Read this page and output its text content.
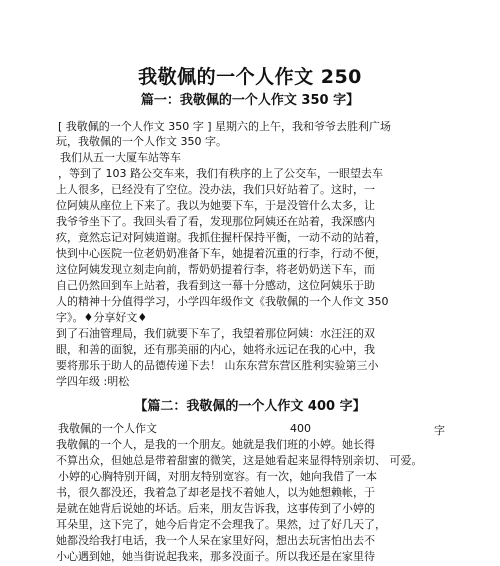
我敬佩的一个人作文 250
篇一：我敬佩的一个人作文 350 字】
[ 我敬佩的一个人作文 350 字 ] 星期六的上午，我和爷爷去胜利广场
玩，我敬佩的一个人作文 350 字。
我们从五一大厦车站等车
，等到了 103 路公交车来，我们有秩序的上了公交车，一眼望去车
上人很多，已经没有了空位。没办法，我们只好站着了。这时，一
位阿姨从座位上下来了。我以为她要下车，于是没管什么太多，让
我爷爷坐下了。我回头看了看，发现那位阿姨还在站着，我深感内
疚，竟然忘记对阿姨道谢。我抓住握杆保持平衡，一动不动的站着，
快到中心医院一位老奶奶准备下车，她提着沉重的行李，行动不便，
这位阿姨发现立刻走向前，帮奶奶提着行李，将老奶奶送下车，而
自己仍然回到车上站着，我看到这一幕十分感动，这位阿姨乐于助
人的精神十分值得学习，小学四年级作文《我敬佩的一个人作文 350
字》。♦分享好文♦
到了石油管理局，我们就要下车了，我望着那位阿姨：水汪汪的双
眼，和善的面貌，还有那美丽的内心，她将永远记在我的心中，我
要将那乐于助人的品德传递下去！ 山东东营东营区胜利实验第三小
学四年级 :明松
【篇二：我敬佩的一个人作文 400 字】
我敬佩的一个人作文	400	字
我敬佩的一个人，是我的一个朋友。她就是我们班的小婷。她长得
不算出众，但她总是带着甜蜜的微笑，这是她看起来显得特别亲切、 可爱。
小婷的心胸特别开阔，对朋友特别宽容。有一次，她向我借了一本
书，很久都没还，我着急了却老是找不着她人，以为她想赖帐，于
是就在她背后说她的坏话。后来，朋友告诉我，这事传到了小婷的
耳朵里，这下完了，她今后肯定不会理我了。果然，过了好几天了，
她都没给我打电话，我一个人呆在家里好闷，想出去玩害怕出去不
小心遇到她，她当街说起我来，那多没面子。所以我还是在家里待
